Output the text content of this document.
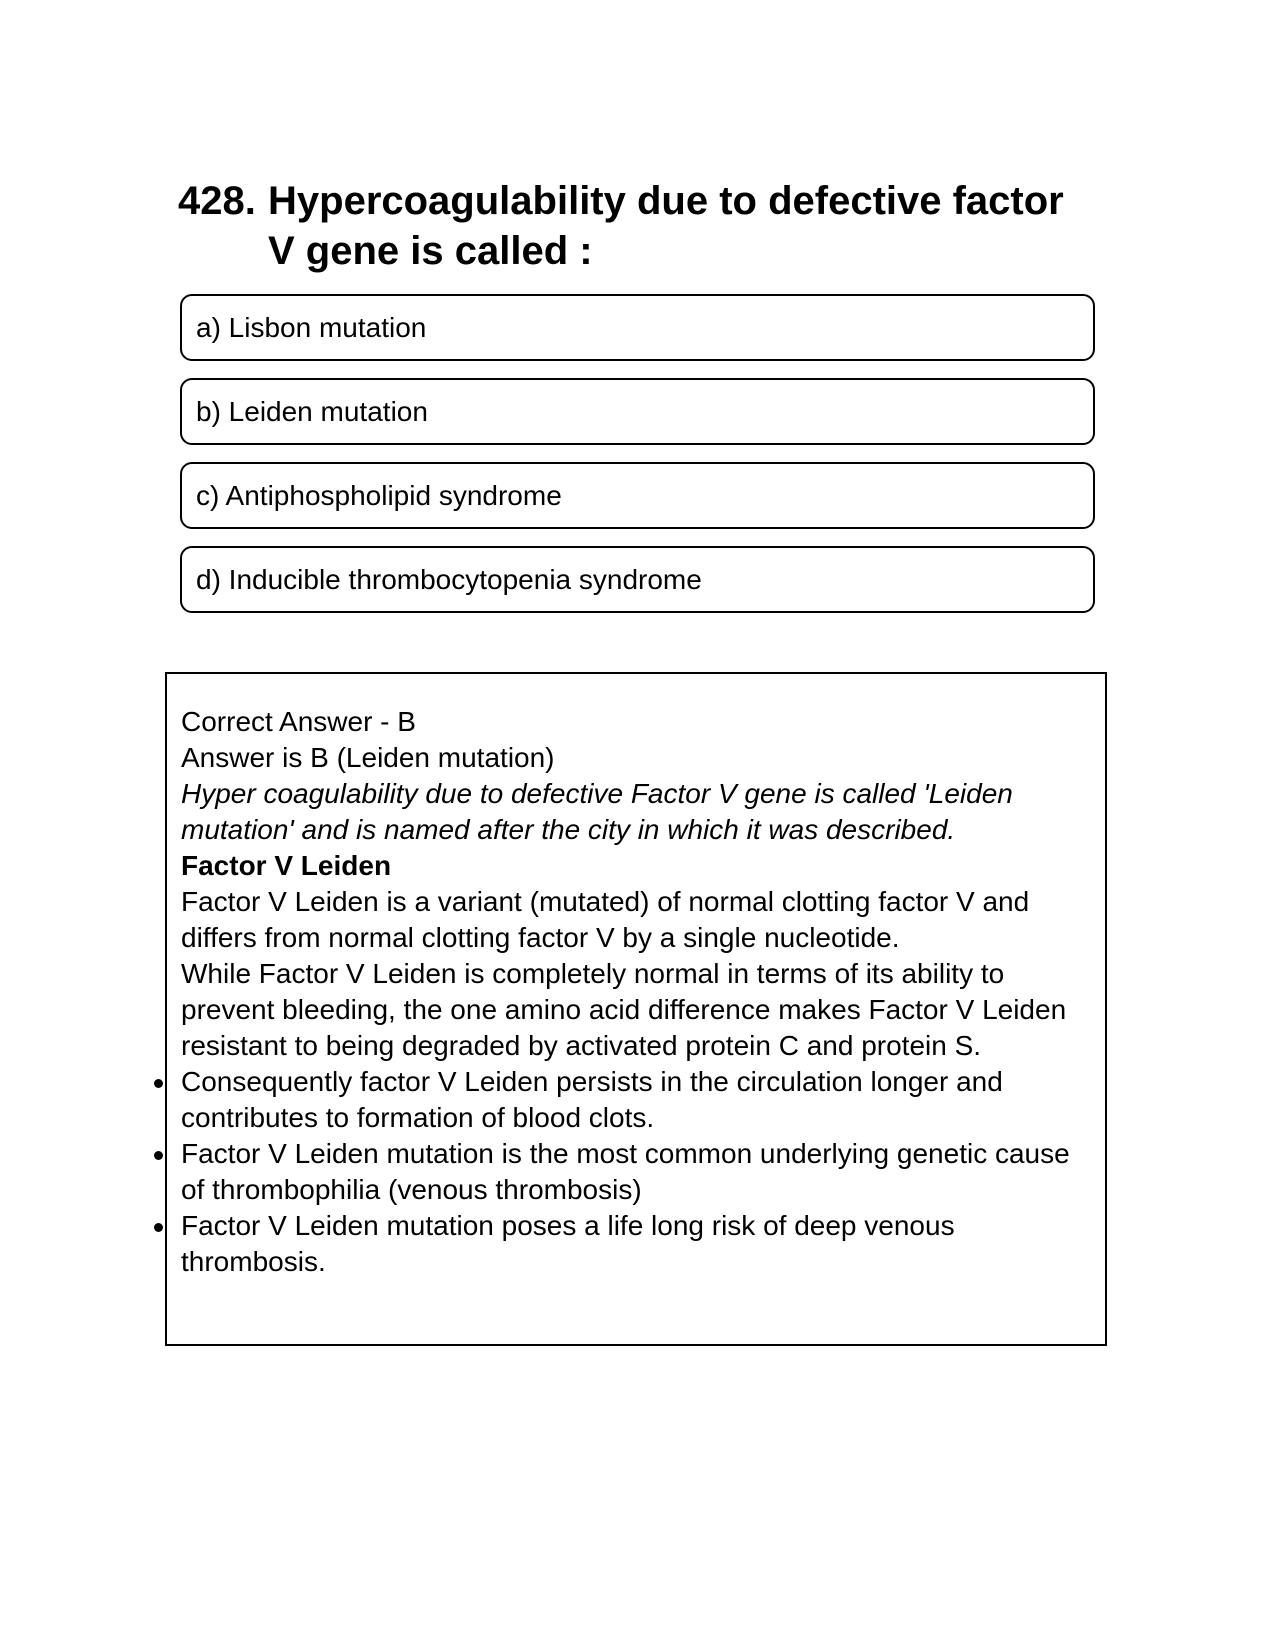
428. Hypercoagulability due to defective factor V gene is called :
a) Lisbon mutation
b) Leiden mutation
c) Antiphospholipid syndrome
d) Inducible thrombocytopenia syndrome

Correct Answer - B

Answer is B (Leiden mutation)

Hyper coagulability due to defective Factor V gene is called 'Leiden mutation' and is named after the city in which it was described.

Factor V Leiden

Factor V Leiden is a variant (mutated) of normal clotting factor V and differs from normal clotting factor V by a single nucleotide.

While Factor V Leiden is completely normal in terms of its ability to prevent bleeding, the one amino acid difference makes Factor V Leiden resistant to being degraded by activated protein C and protein S.

Consequently factor V Leiden persists in the circulation longer and contributes to formation of blood clots.
Factor V Leiden mutation is the most common underlying genetic cause of thrombophilia (venous thrombosis)
Factor V Leiden mutation poses a life long risk of deep venous thrombosis.
